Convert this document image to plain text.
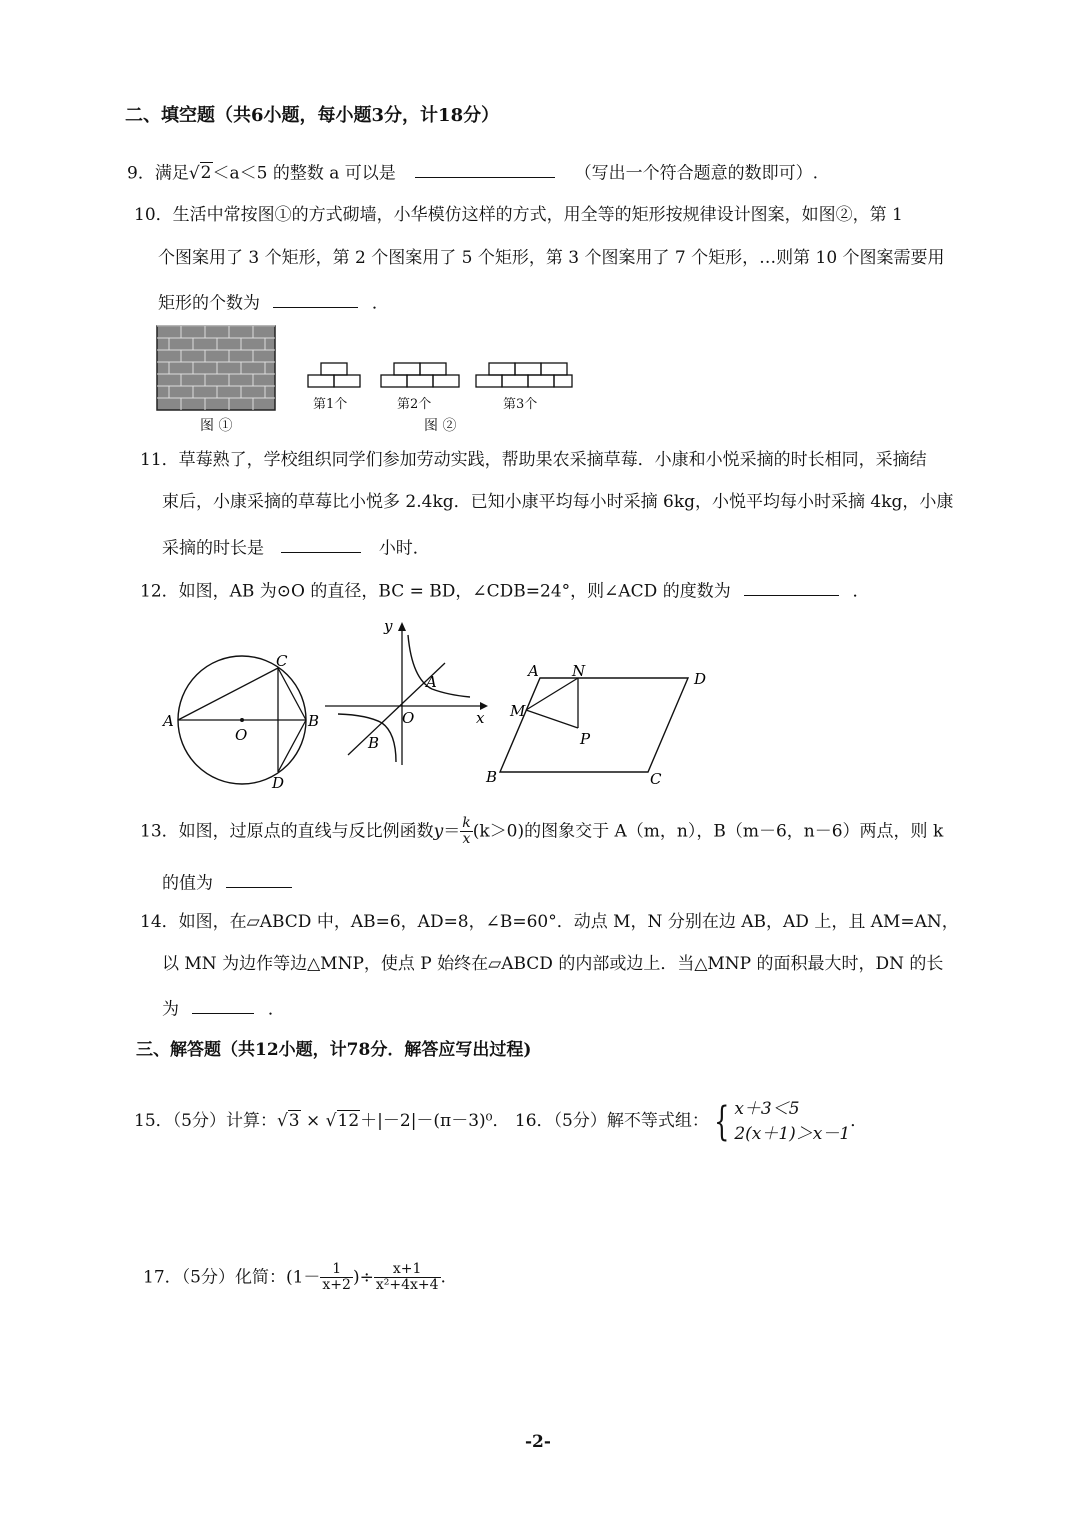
二、填空题（共6小题，每小题3分，计18分）
9．满足√2＜a＜5 的整数 a 可以是	（写出一个符合题意的数即可）.
10．生活中常按图①的方式砌墙，小华模仿这样的方式，用全等的矩形按规律设计图案，如图②，第 1
个图案用了 3 个矩形，第 2 个图案用了 5 个矩形，第 3 个图案用了 7 个矩形，…则第 10 个图案需要用
矩形的个数为	．
图 ①
第1个	第2个	第3个
图 ②
11．草莓熟了，学校组织同学们参加劳动实践，帮助果农采摘草莓．小康和小悦采摘的时长相同，采摘结
束后，小康采摘的草莓比小悦多 2.4kg．已知小康平均每小时采摘 6kg，小悦平均每小时采摘 4kg，小康
采摘的时长是	小时．
12．如图，AB 为⊙O 的直径，BC = BD，∠CDB=24°，则∠ACD 的度数为	．
A	B
C
D
O
y
x
O
A
B
A N	D
M
P
B	C
13．如图，过原点的直线与反比例函数$y= \frac{k}{x} (k>0)$的图象交于 A（m，n），B（m－6，n－6）两点，则 k
的值为
14．如图，在▱ABCD 中，AB=6，AD=8，∠B=60°．动点 M，N 分别在边 AB，AD 上，且 AM=AN，
以 MN 为边作等边△MNP，使点 P 始终在▱ABCD 的内部或边上．当△MNP 的面积最大时，DN 的长
为	．
三、解答题（共12小题，计78分．解答应写出过程)
15．（5分）计算：√3 × √12＋|－2|－(π－3)⁰． 16．（5分）解不等式组： { x＋3＜5
2(x＋1)＞x－1
．
17．（5分）化简：($1- \frac{1}{x+2}$ )÷ $\frac{x+1}{\text{x²+4x+4}}$ .
-2-
